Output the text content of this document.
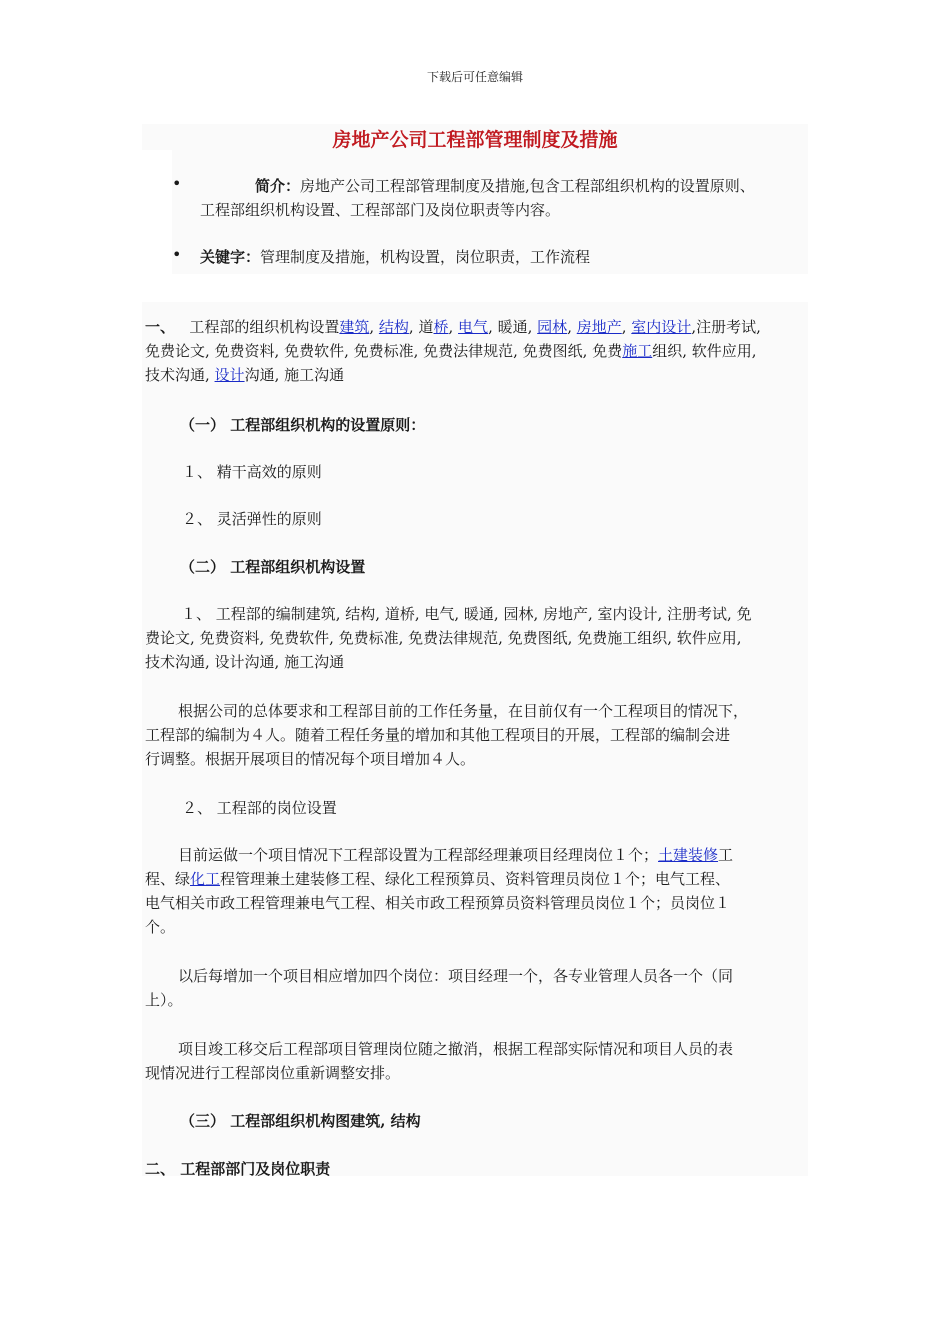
下载后可任意编辑
房地产公司工程部管理制度及措施
•	简介：房地产公司工程部管理制度及措施,包含工程部组织机构的设置原则、
工程部组织机构设置、工程部部门及岗位职责等内容。
• 关键字：管理制度及措施，机构设置，岗位职责，工作流程
一、 工程部的组织机构设置建筑, 结构, 道桥, 电气, 暖通, 园林, 房地产, 室内设计,注册考试,
免费论文, 免费资料, 免费软件, 免费标准, 免费法律规范, 免费图纸, 免费施工组织, 软件应用,
技术沟通, 设计沟通, 施工沟通
（一） 工程部组织机构的设置原则：
１、 精干高效的原则
２、 灵活弹性的原则
（二） 工程部组织机构设置
１、 工程部的编制建筑, 结构, 道桥, 电气, 暖通, 园林, 房地产, 室内设计, 注册考试, 免
费论文, 免费资料, 免费软件, 免费标准, 免费法律规范, 免费图纸, 免费施工组织, 软件应用,
技术沟通, 设计沟通, 施工沟通
根据公司的总体要求和工程部目前的工作任务量，在目前仅有一个工程项目的情况下，
工程部的编制为４人。随着工程任务量的增加和其他工程项目的开展，工程部的编制会进
行调整。根据开展项目的情况每个项目增加４人。
２、 工程部的岗位设置
目前运做一个项目情况下工程部设置为工程部经理兼项目经理岗位１个；土建装修工
程、绿化工程管理兼土建装修工程、绿化工程预算员、资料管理员岗位１个；电气工程、
电气相关市政工程管理兼电气工程、相关市政工程预算员资料管理员岗位１个；员岗位１
个。
以后每增加一个项目相应增加四个岗位：项目经理一个，各专业管理人员各一个（同
上）。
项目竣工移交后工程部项目管理岗位随之撤消，根据工程部实际情况和项目人员的表
现情况进行工程部岗位重新调整安排。
（三） 工程部组织机构图建筑, 结构
二、 工程部部门及岗位职责
